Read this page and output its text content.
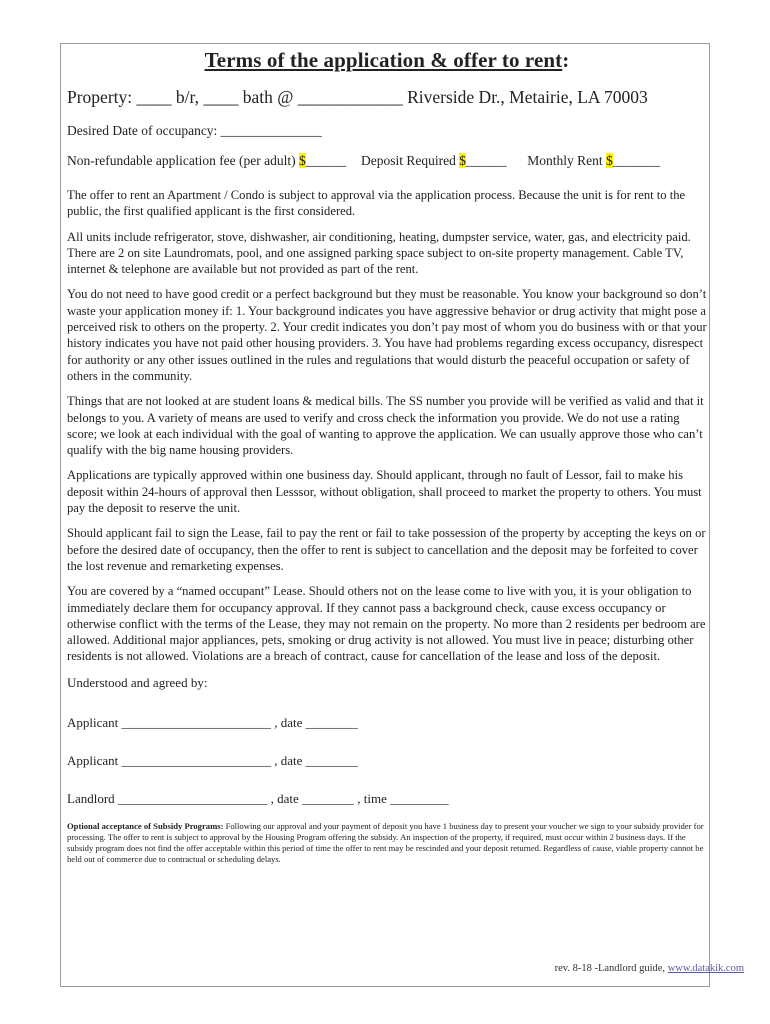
Terms of the application & offer to rent:
Property: ____ b/r, ____ bath @ ____________ Riverside Dr., Metairie, LA 70003
Desired Date of occupancy: _______________
Non-refundable application fee (per adult) $______ Deposit Required $______ Monthly Rent $_______

The offer to rent an Apartment / Condo is subject to approval via the application process. Because the unit is for rent to the public, the first qualified applicant is the first considered.

All units include refrigerator, stove, dishwasher, air conditioning, heating, dumpster service, water, gas, and electricity paid. There are 2 on site Laundromats, pool, and one assigned parking space subject to on-site property management. Cable TV, internet & telephone are available but not provided as part of the rent.

You do not need to have good credit or a perfect background but they must be reasonable. You know your background so don’t waste your application money if: 1. Your background indicates you have aggressive behavior or drug activity that might pose a perceived risk to others on the property. 2. Your credit indicates you don’t pay most of whom you do business with or that your history indicates you have not paid other housing providers. 3. You have had problems regarding excess occupancy, disrespect for authority or any other issues outlined in the rules and regulations that would disturb the peaceful occupation or safety of others in the community.

Things that are not looked at are student loans & medical bills. The SS number you provide will be verified as valid and that it belongs to you. A variety of means are used to verify and cross check the information you provide. We do not use a rating score; we look at each individual with the goal of wanting to approve the application. We can usually approve those who can’t qualify with the big name housing providers.

Applications are typically approved within one business day. Should applicant, through no fault of Lessor, fail to make his deposit within 24-hours of approval then Lesssor, without obligation, shall proceed to market the property to others. You must pay the deposit to reserve the unit.

Should applicant fail to sign the Lease, fail to pay the rent or fail to take possession of the property by accepting the keys on or before the desired date of occupancy, then the offer to rent is subject to cancellation and the deposit may be forfeited to cover the lost revenue and remarketing expenses.

You are covered by a “named occupant” Lease. Should others not on the lease come to live with you, it is your obligation to immediately declare them for occupancy approval. If they cannot pass a background check, cause excess occupancy or otherwise conflict with the terms of the Lease, they may not remain on the property. No more than 2 residents per bedroom are allowed. Additional major appliances, pets, smoking or drug activity is not allowed. You must live in peace; disturbing other residents is not allowed. Violations are a breach of contract, cause for cancellation of the lease and loss of the deposit.

Understood and agreed by:
Applicant _______________________ , date ________
Applicant _______________________ , date ________
Landlord _______________________ , date ________ , time _________
Optional acceptance of Subsidy Programs: Following our approval and your payment of deposit you have 1 business day to present your voucher we sign to your subsidy provider for processing. The offer to rent is subject to approval by the Housing Program offering the subsidy. An inspection of the property, if required, must occur within 2 business days. If the subsidy program does not find the offer acceptable within this period of time the offer to rent may be rescinded and your deposit returned. Regardless of cause, viable property cannot be held out of commerce due to contractual or scheduling delays.
rev. 8-18 -Landlord guide, www.datakik.com
